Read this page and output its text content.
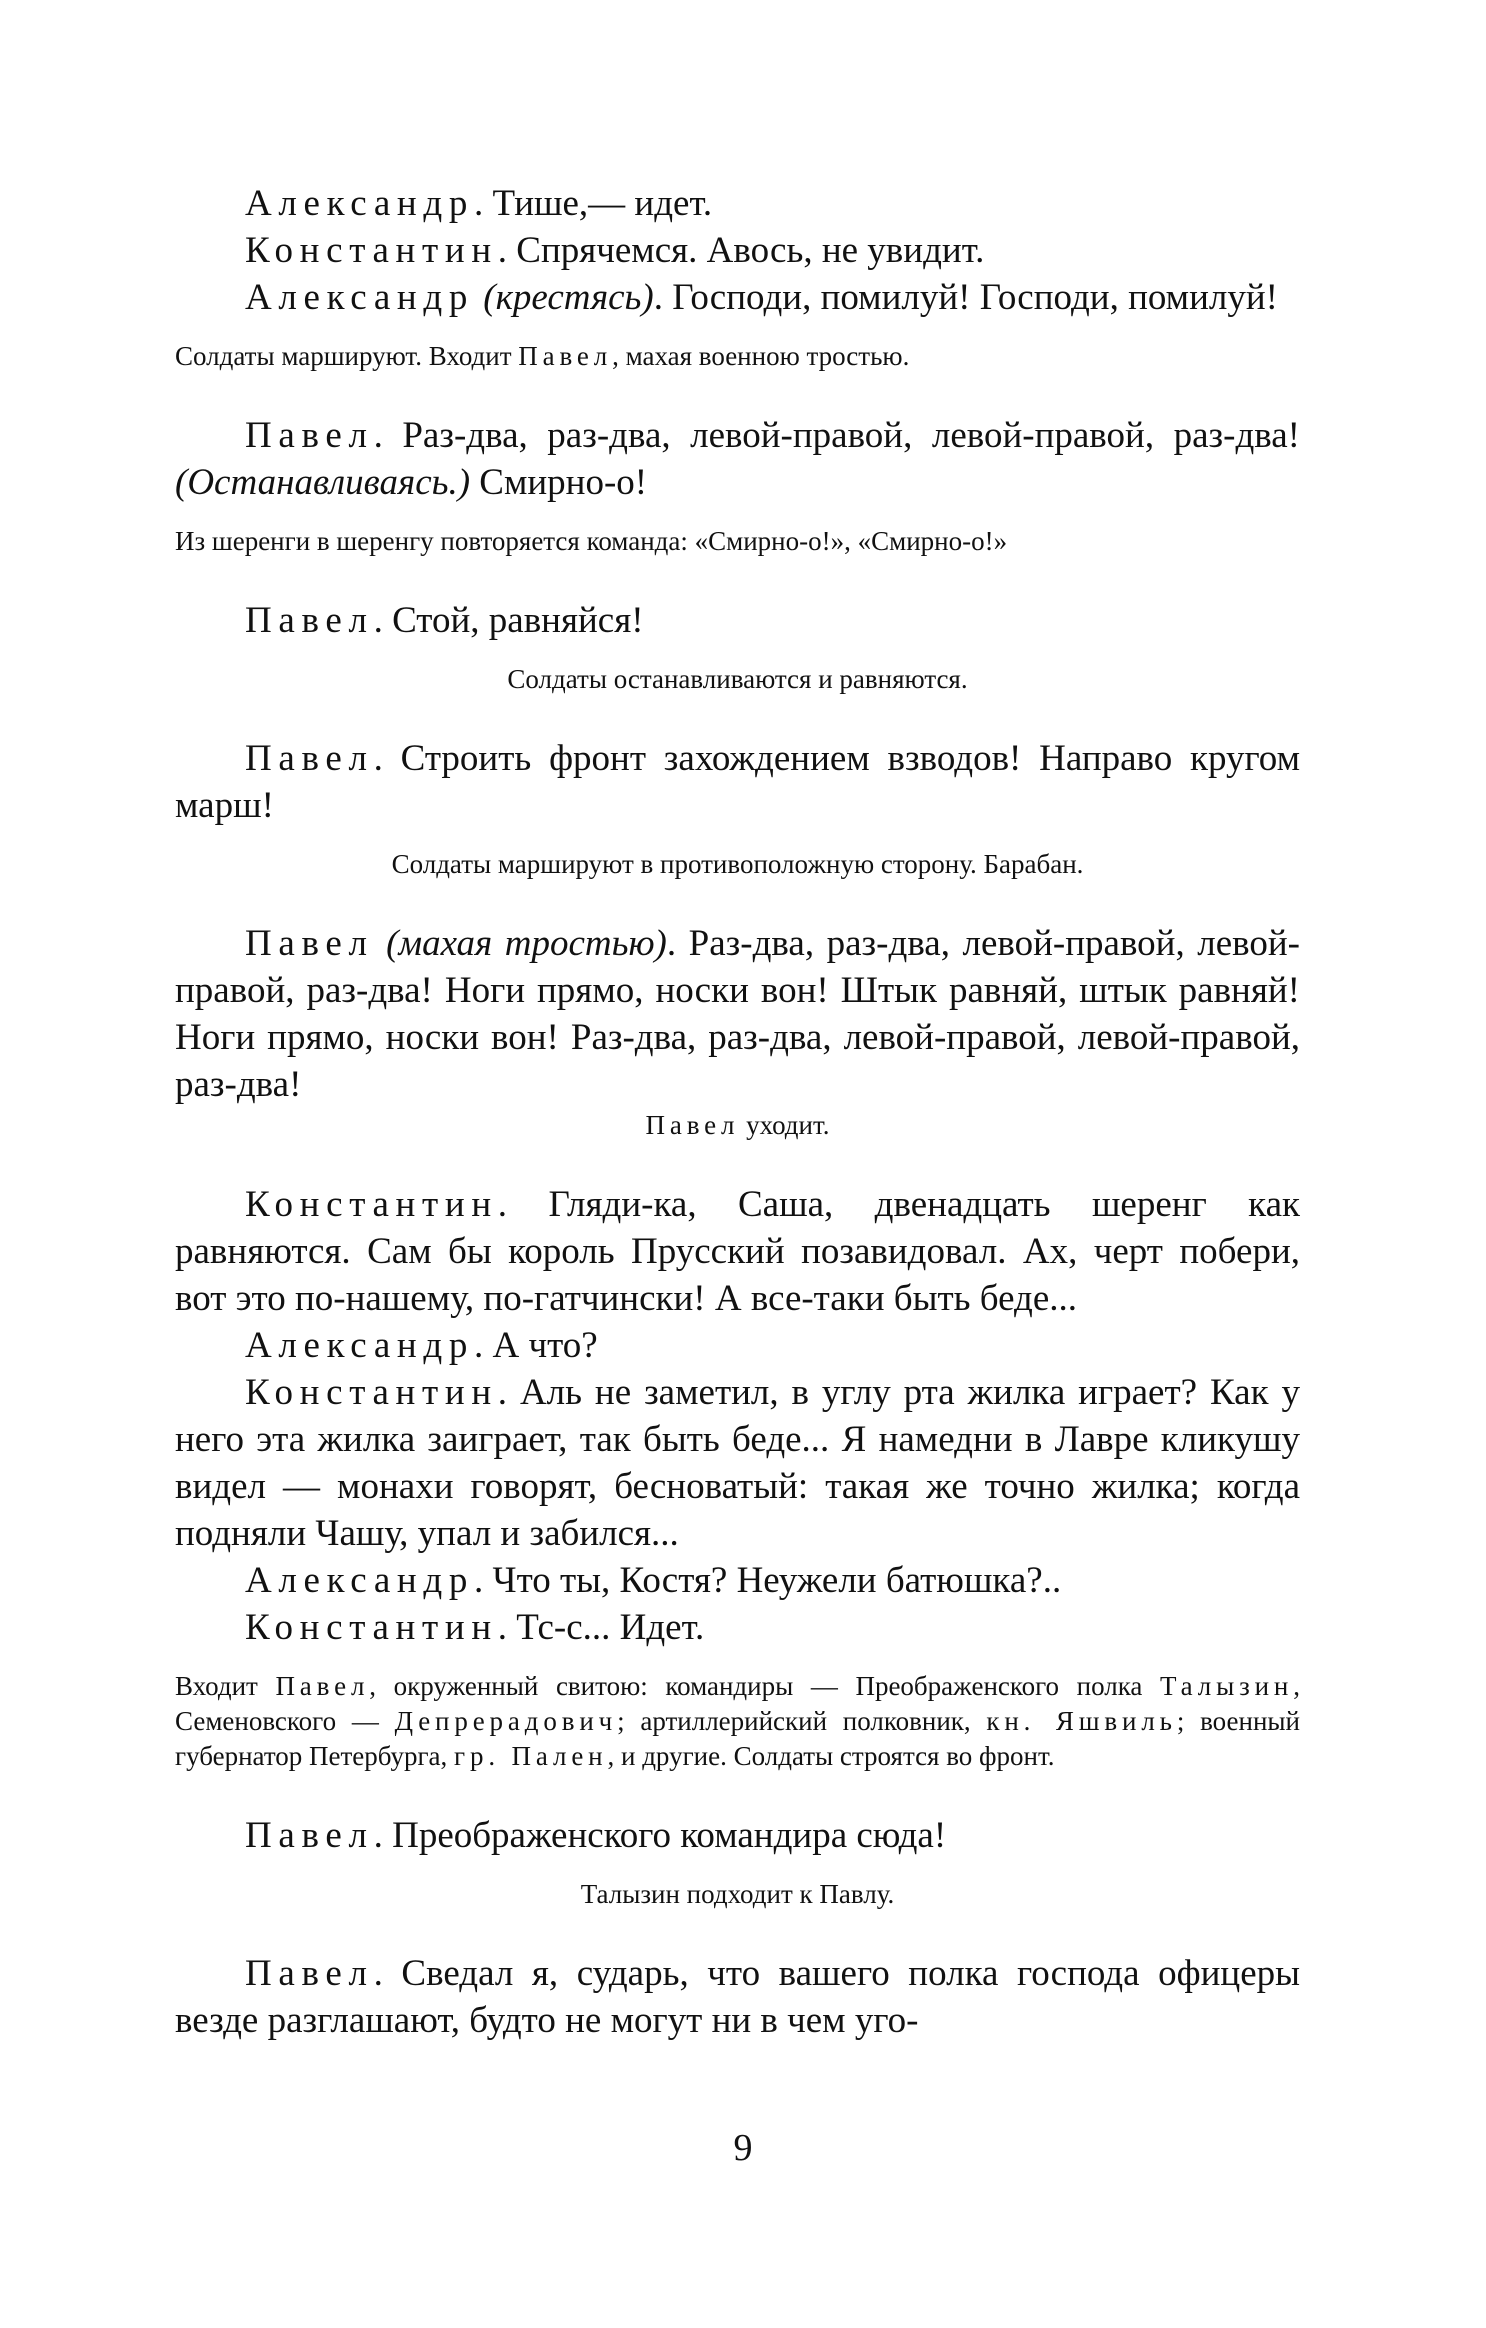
Александр. Тише,— идет.

Константин. Спрячемся. Авось, не увидит.

Александр (крестясь). Господи, помилуй! Господи, помилуй!

Солдаты маршируют. Входит Павел, махая военною тростью.

Павел. Раз-два, раз-два, левой-правой, левой-правой, раз-два! (Останавливаясь.) Смирно-о!

Из шеренги в шеренгу повторяется команда: «Смирно-о!», «Смирно-о!»

Павел. Стой, равняйся!

Солдаты останавливаются и равняются.

Павел. Строить фронт захождением взводов! Направо кругом марш!

Солдаты маршируют в противоположную сторону. Барабан.

Павел (махая тростью). Раз-два, раз-два, левой-правой, левой-правой, раз-два! Ноги прямо, носки вон! Штык равняй, штык равняй! Ноги прямо, носки вон! Раз-два, раз-два, левой-правой, левой-правой, раз-два!

Павел уходит.

Константин. Гляди-ка, Саша, двенадцать шеренг как равняются. Сам бы король Прусский позавидовал. Ах, черт побери, вот это по-нашему, по-гатчински! А все-таки быть беде...

Александр. А что?

Константин. Аль не заметил, в углу рта жилка играет? Как у него эта жилка заиграет, так быть беде... Я намедни в Лавре кликушу видел — монахи говорят, бесноватый: такая же точно жилка; когда подняли Чашу, упал и забился...

Александр. Что ты, Костя? Неужели батюшка?..

Константин. Тс-с... Идет.

Входит Павел, окруженный свитою: командиры — Преображенского полка Талызин, Семеновского — Депрерадович; артиллерийский полковник, кн. Яшвиль; военный губернатор Петербурга, гр. Пален, и другие. Солдаты строятся во фронт.

Павел. Преображенского командира сюда!

Талызин подходит к Павлу.

Павел. Сведал я, сударь, что вашего полка господа офицеры везде разглашают, будто не могут ни в чем уго-

9
